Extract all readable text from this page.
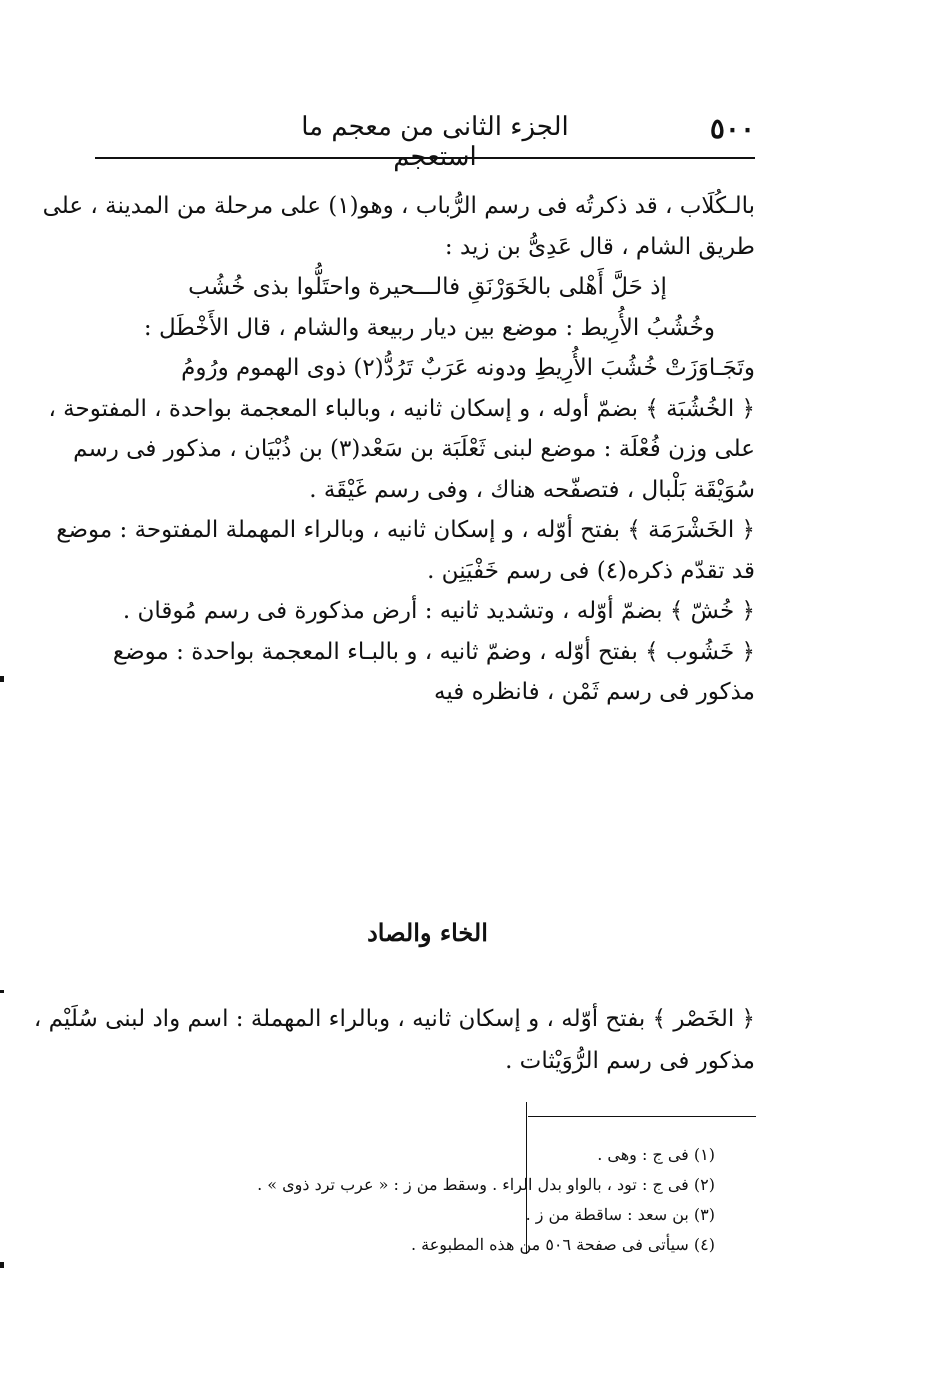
٥٠٠
الجزء الثانى من معجم ما استعجم
بالـكُلَاب ، قد ذكرتُه فى رسم الرُّباب ، وهو(١) على مرحلة من المدينة ، على
طريق الشام ، قال عَدِىُّ بن زيد :
إذ حَلَّ أَهْلى بالخَوَرْنَقِ فالـــحيرة واحتَلُّوا بذى خُشُب
وخُشُبُ الأُرِيط : موضع بين ديار ربيعة والشام ، قال الأَخْطَل :
وتَجَـاوَزَتْ خُشُبَ الأُرِيطِ ودونه عَرَبٌ تَرُدُّ(٢) ذوى الهموم ورُومُ
﴿ الخُشُبَة ﴾ بضمّ أوله ، و إسكان ثانيه ، وبالباء المعجمة بواحدة ، المفتوحة ،
على وزن فُعْلَة : موضع لبنى ثَعْلَبَة بن سَعْد(٣) بن ذُبْيَان ، مذكور فى رسم
سُوَيْقَة بَلْبال ، فتصفّحه هناك ، وفى رسم غَيْقَة .
﴿ الخَشْرَمَة ﴾ بفتح أوّله ، و إسكان ثانيه ، وبالراء المهملة المفتوحة : موضع
قد تقدّم ذكره(٤) فى رسم خَفْيَنِن .
﴿ خُشّ ﴾ بضمّ أوّله ، وتشديد ثانيه : أرض مذكورة فى رسم مُوقان .
﴿ خَشُوب ﴾ بفتح أوّله ، وضمّ ثانيه ، و بالبـاء المعجمة بواحدة : موضع
مذكور فى رسم ثَمْن ، فانظره فيه
الخاء والصاد
﴿ الخَصْر ﴾ بفتح أوّله ، و إسكان ثانيه ، وبالراء المهملة : اسم واد لبنى سُلَيْم ،
مذكور فى رسم الرُّوَيْثات .
(١) فى ج : وهى .
(٢) فى ج : تود ، بالواو بدل الراء . وسقط من ز : « عرب ترد ذوى » .
(٣) بن سعد : ساقطة من ز .
(٤) سيأتى فى صفحة ٥٠٦ من هذه المطبوعة .
